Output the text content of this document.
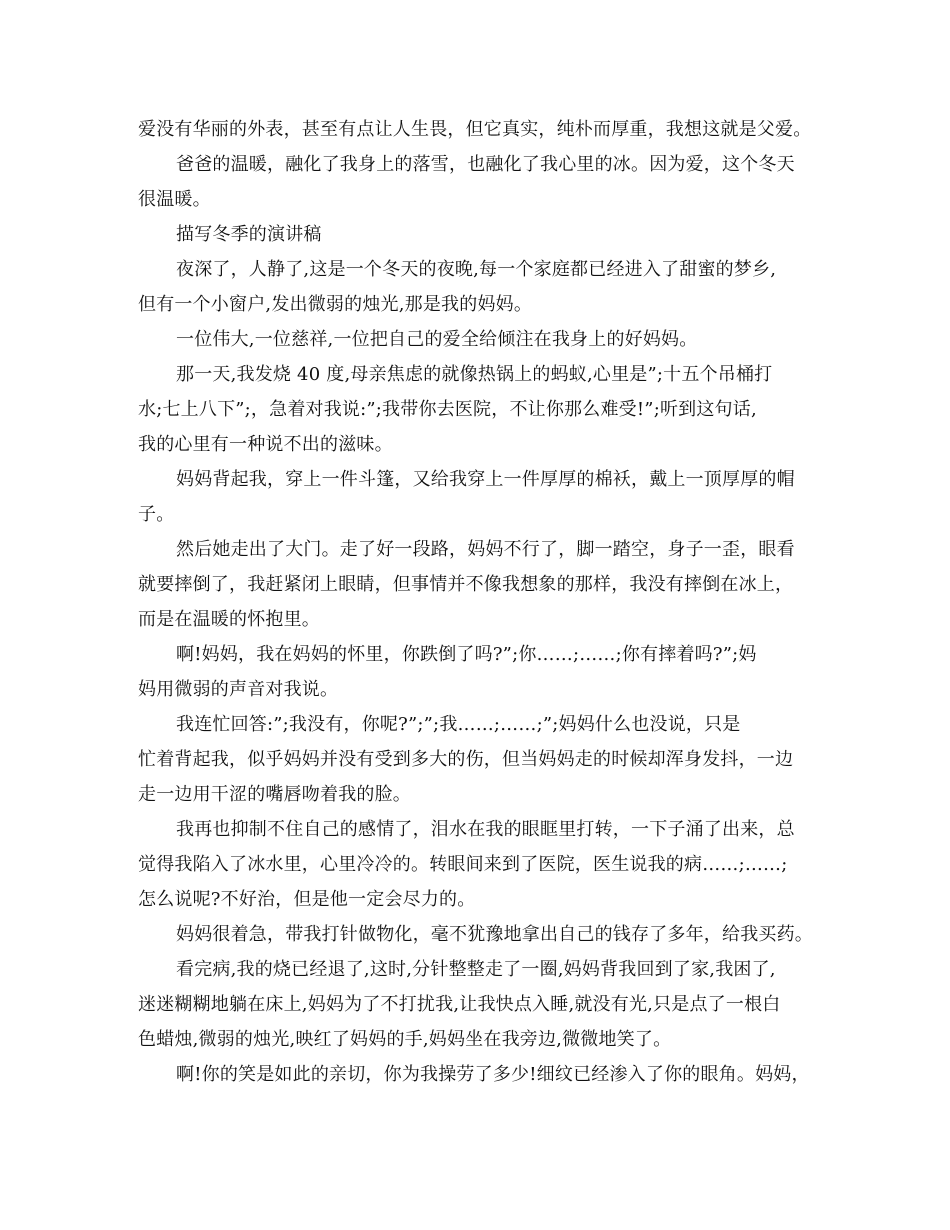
爱没有华丽的外表，甚至有点让人生畏，但它真实，纯朴而厚重，我想这就是父爱。
爸爸的温暖，融化了我身上的落雪，也融化了我心里的冰。因为爱，这个冬天
很温暖。
描写冬季的演讲稿
夜深了，人静了,这是一个冬天的夜晚,每一个家庭都已经进入了甜蜜的梦乡,
但有一个小窗户,发出微弱的烛光,那是我的妈妈。
一位伟大,一位慈祥,一位把自己的爱全给倾注在我身上的好妈妈。
那一天,我发烧 40 度,母亲焦虑的就像热锅上的蚂蚁,心里是”;十五个吊桶打
水;七上八下”;，急着对我说:”;我带你去医院，不让你那么难受!”;听到这句话,
我的心里有一种说不出的滋味。
妈妈背起我，穿上一件斗篷，又给我穿上一件厚厚的棉袄，戴上一顶厚厚的帽
子。
然后她走出了大门。走了好一段路，妈妈不行了，脚一踏空，身子一歪，眼看
就要摔倒了，我赶紧闭上眼睛，但事情并不像我想象的那样，我没有摔倒在冰上，
而是在温暖的怀抱里。
啊!妈妈，我在妈妈的怀里，你跌倒了吗?”;你……;……;你有摔着吗?”;妈
妈用微弱的声音对我说。
我连忙回答:”;我没有，你呢?”;”;我……;……;”;妈妈什么也没说，只是
忙着背起我，似乎妈妈并没有受到多大的伤，但当妈妈走的时候却浑身发抖，一边
走一边用干涩的嘴唇吻着我的脸。
我再也抑制不住自己的感情了，泪水在我的眼眶里打转，一下子涌了出来，总
觉得我陷入了冰水里，心里冷冷的。转眼间来到了医院，医生说我的病……;……;
怎么说呢?不好治，但是他一定会尽力的。
妈妈很着急，带我打针做物化，毫不犹豫地拿出自己的钱存了多年，给我买药。
看完病,我的烧已经退了,这时,分针整整走了一圈,妈妈背我回到了家,我困了,
迷迷糊糊地躺在床上,妈妈为了不打扰我,让我快点入睡,就没有光,只是点了一根白
色蜡烛,微弱的烛光,映红了妈妈的手,妈妈坐在我旁边,微微地笑了。
啊!你的笑是如此的亲切，你为我操劳了多少!细纹已经渗入了你的眼角。妈妈，
